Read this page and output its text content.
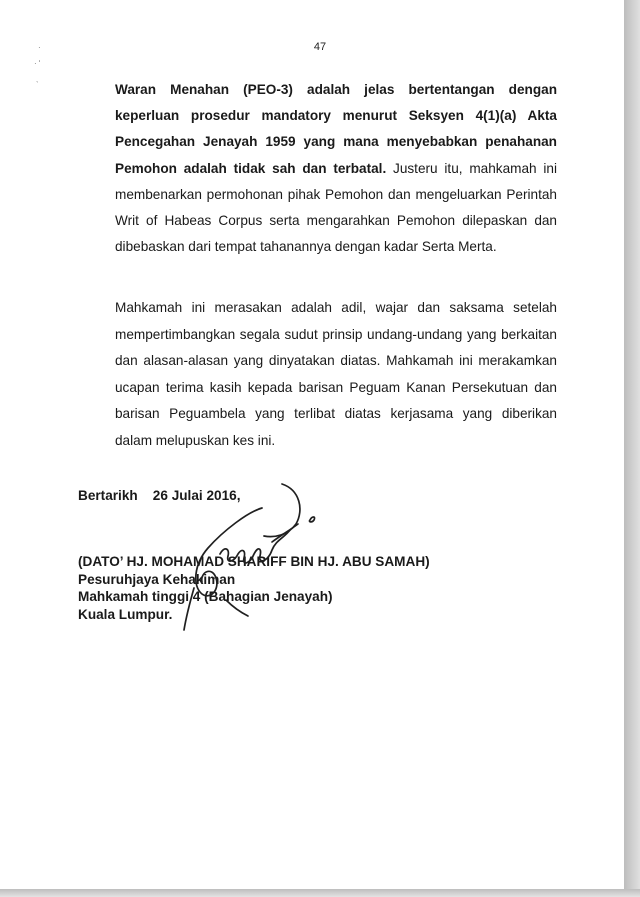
47
·
· ʹ
ˎ
Waran Menahan (PEO-3) adalah jelas bertentangan dengan keperluan prosedur mandatory menurut Seksyen 4(1)(a) Akta Pencegahan Jenayah 1959 yang mana menyebabkan penahanan Pemohon adalah tidak sah dan terbatal. Justeru itu, mahkamah ini membenarkan permohonan pihak Pemohon dan mengeluarkan Perintah Writ of Habeas Corpus serta mengarahkan Pemohon dilepaskan dan dibebaskan dari tempat tahanannya dengan kadar Serta Merta.
Mahkamah ini merasakan adalah adil, wajar dan saksama setelah mempertimbangkan segala sudut prinsip undang-undang yang berkaitan dan alasan-alasan yang dinyatakan diatas. Mahkamah ini merakamkan ucapan terima kasih kepada barisan Peguam Kanan Persekutuan dan barisan Peguambela yang terlibat diatas kerjasama yang diberikan dalam melupuskan kes ini.
Bertarikh 26 Julai 2016,
(DATO’ HJ. MOHAMAD SHARIFF BIN HJ. ABU SAMAH)
Pesuruhjaya Kehakiman
Mahkamah tinggi 4 (Bahagian Jenayah)
Kuala Lumpur.
